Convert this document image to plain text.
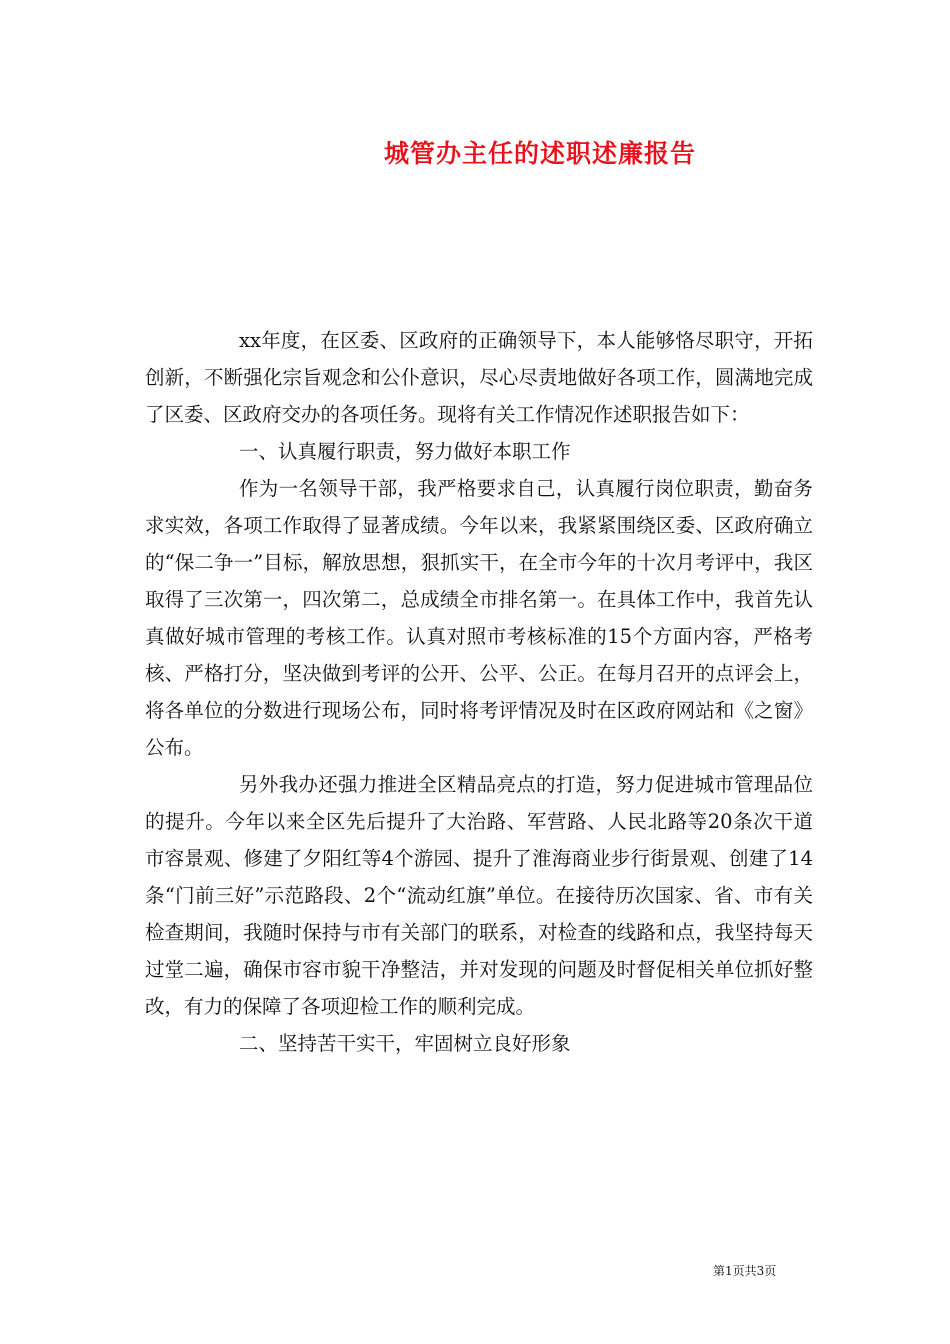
城管办主任的述职述廉报告

xx年度，在区委、区政府的正确领导下，本人能够恪尽职守，开拓创新，不断强化宗旨观念和公仆意识，尽心尽责地做好各项工作，圆满地完成了区委、区政府交办的各项任务。现将有关工作情况作述职报告如下：

一、认真履行职责，努力做好本职工作

作为一名领导干部，我严格要求自己，认真履行岗位职责，勤奋务求实效，各项工作取得了显著成绩。今年以来，我紧紧围绕区委、区政府确立的“保二争一”目标，解放思想，狠抓实干，在全市今年的十次月考评中，我区取得了三次第一，四次第二，总成绩全市排名第一。在具体工作中，我首先认真做好城市管理的考核工作。认真对照市考核标准的15个方面内容，严格考核、严格打分，坚决做到考评的公开、公平、公正。在每月召开的点评会上，将各单位的分数进行现场公布，同时将考评情况及时在区政府网站和《之窗》公布。

另外我办还强力推进全区精品亮点的打造，努力促进城市管理品位的提升。今年以来全区先后提升了大治路、军营路、人民北路等20条次干道市容景观、修建了夕阳红等4个游园、提升了淮海商业步行街景观、创建了14条“门前三好”示范路段、2个“流动红旗”单位。在接待历次国家、省、市有关检查期间，我随时保持与市有关部门的联系，对检查的线路和点，我坚持每天过堂二遍，确保市容市貌干净整洁，并对发现的问题及时督促相关单位抓好整改，有力的保障了各项迎检工作的顺利完成。

二、坚持苦干实干，牢固树立良好形象

第1页共3页
